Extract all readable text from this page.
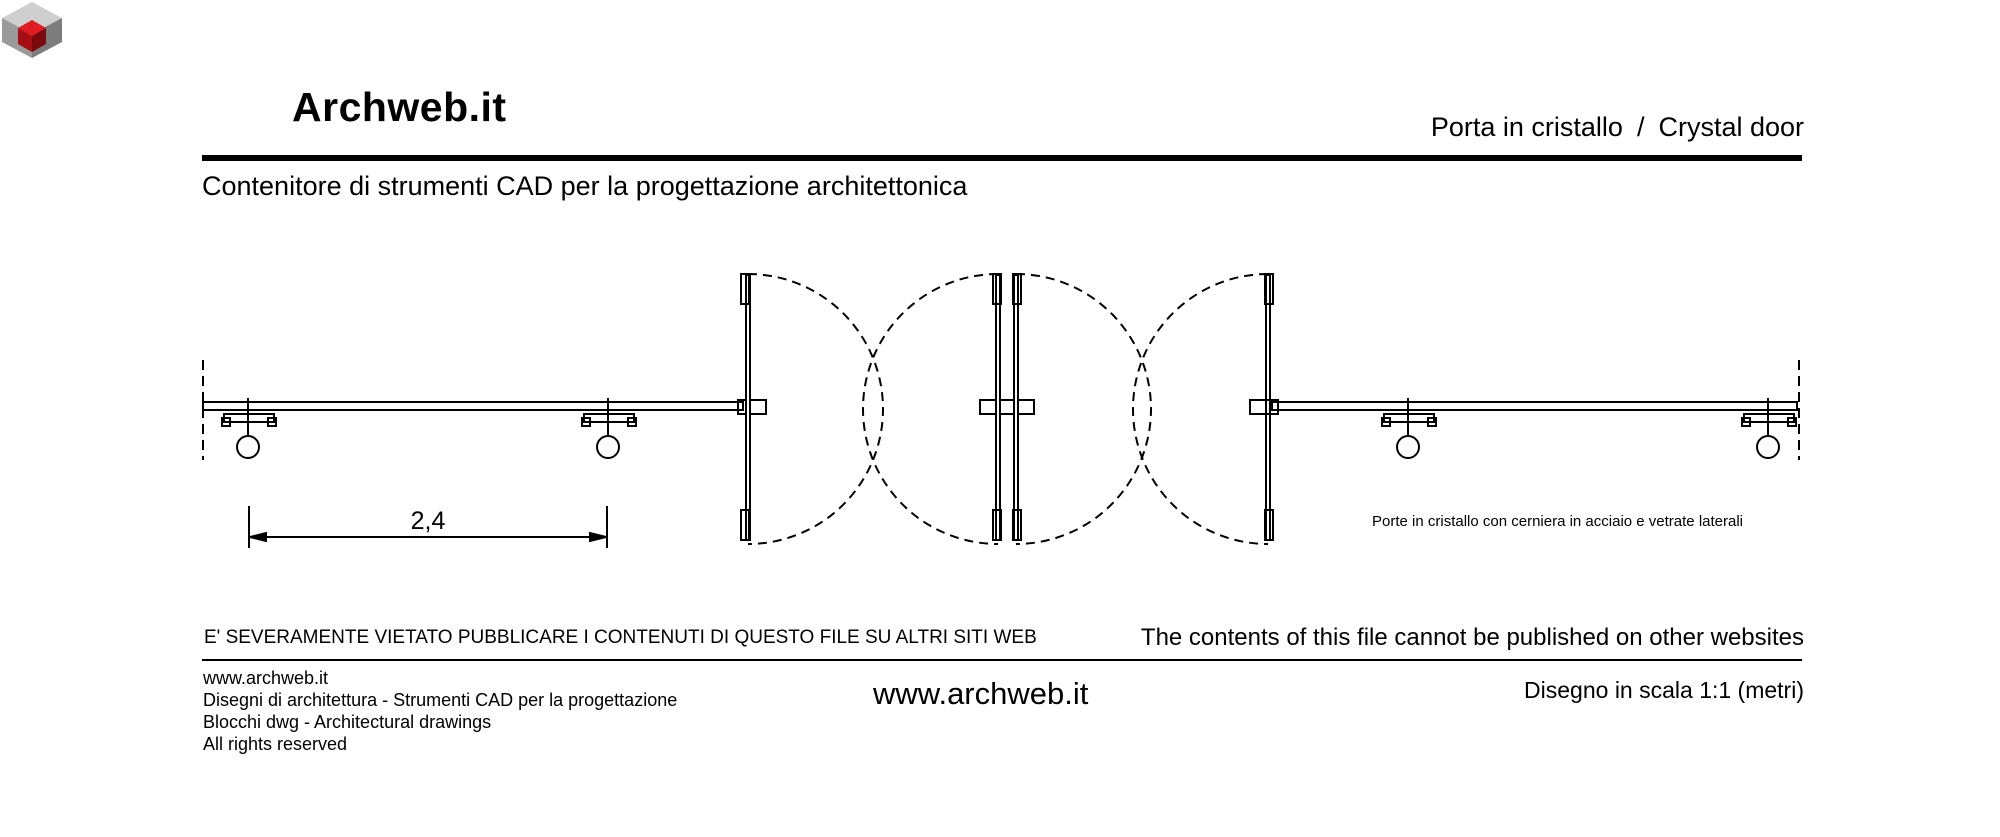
Archweb.it	Porta in cristallo / Crystal door
Contenitore di strumenti CAD per la progettazione architettonica
2,4	Porte in cristallo con cerniera in acciaio e vetrate laterali
E' SEVERAMENTE VIETATO PUBBLICARE I CONTENUTI DI QUESTO FILE SU ALTRI SITI WEB	The contents of this file cannot be published on other websites
www.archweb.it
Disegni di architettura - Strumenti CAD per la progettazione
Blocchi dwg - Architectural drawings
All rights reserved
www.archweb.it	Disegno in scala 1:1 (metri)
